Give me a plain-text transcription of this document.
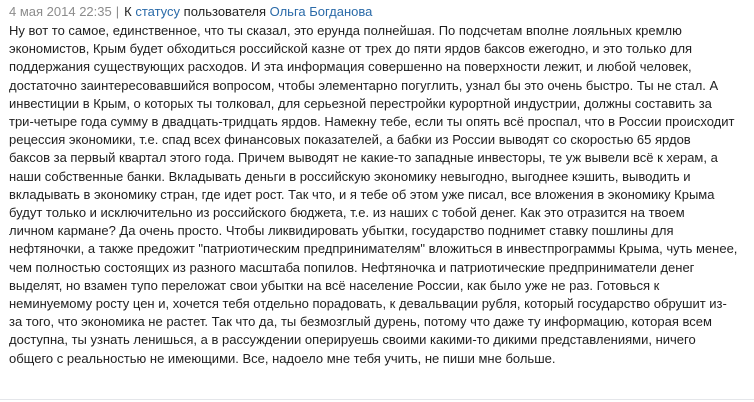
4 мая 2014 22:35 | К статусу пользователя Ольга Богданова

Ну вот то самое, единственное, что ты сказал, это ерунда полнейшая. По подсчетам вполне лояльных кремлю
экономистов, Крым будет обходиться российской казне от трех до пяти ярдов баксов ежегодно, и это только для
поддержания существующих расходов. И эта информация совершенно на поверхности лежит, и любой человек,
достаточно заинтересовавшийся вопросом, чтобы элементарно погуглить, узнал бы это очень быстро. Ты не стал. А
инвестиции в Крым, о которых ты толковал, для серьезной перестройки курортной индустрии, должны составить за
три-четыре года сумму в двадцать-тридцать ярдов. Намекну тебе, если ты опять всё проспал, что в России происходит
рецессия экономики, т.е. спад всех финансовых показателей, а бабки из России выводят со скоростью 65 ярдов
баксов за первый квартал этого года. Причем выводят не какие-то западные инвесторы, те уж вывели всё к херам, а
наши собственные банки. Вкладывать деньги в российскую экономику невыгодно, выгоднее кэшить, выводить и
вкладывать в экономику стран, где идет рост. Так что, и я тебе об этом уже писал, все вложения в экономику Крыма
будут только и исключительно из российского бюджета, т.е. из наших с тобой денег. Как это отразится на твоем
личном кармане? Да очень просто. Чтобы ликвидировать убытки, государство поднимет ставку пошлины для
нефтяночки, а также предожит "патриотическим предпринимателям" вложиться в инвестпрограммы Крыма, чуть менее,
чем полностью состоящих из разного масштаба попилов. Нефтяночка и патриотические предприниматели денег
выделят, но взамен тупо переложат свои убытки на всё население России, как было уже не раз. Готовься к
неминуемому росту цен и, хочется тебя отдельно порадовать, к девальвации рубля, который государство обрушит из-
за того, что экономика не растет. Так что да, ты безмозглый дурень, потому что даже ту информацию, которая всем
доступна, ты узнать ленишься, а в рассуждении оперируешь своими какими-то дикими представлениями, ничего
общего с реальностью не имеющими. Все, надоело мне тебя учить, не пиши мне больше.
